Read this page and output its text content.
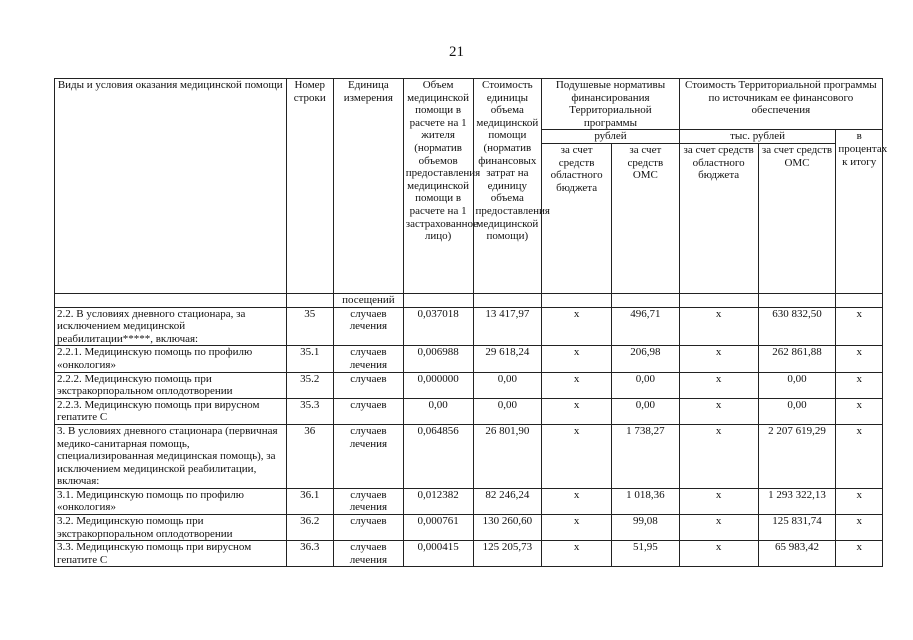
21
Виды и условия оказания медицинской помощи	Номер строки	Единица измерения	Объем медицинской помощи в расчете на 1 жителя (норматив объемов предоставления медицинской помощи в расчете на 1 застрахованное лицо)	Стоимость единицы объема медицинской помощи (норматив финансовых затрат на единицу объема предоставления медицинской помощи)	Подушевые нормативы финансирования Территориальной программы		Стоимость Территориальной программы по источникам ее финансового обеспечения		
					рублей		тыс. рублей		в процентах к итогу
					за счет средств областного бюджета	за счет средств ОМС	за счет средств областного бюджета	за счет средств ОМС	
		посещений							
2.2. В условиях дневного стационара, за исключением медицинской реабилитации*****, включая:	35	случаев лечения	0,037018	13 417,97	х	496,71	х	630 832,50	х
2.2.1. Медицинскую помощь по профилю «онкология»	35.1	случаев лечения	0,006988	29 618,24	х	206,98	х	262 861,88	х
2.2.2. Медицинскую помощь при экстракорпоральном оплодотворении	35.2	случаев	0,000000	0,00	х	0,00	х	0,00	х
2.2.3. Медицинскую помощь при вирусном гепатите С	35.3	случаев	0,00	0,00	х	0,00	х	0,00	х
3. В условиях дневного стационара (первичная медико-санитарная помощь, специализированная медицинская помощь), за исключением медицинской реабилитации, включая:	36	случаев лечения	0,064856	26 801,90	х	1 738,27	х	2 207 619,29	х
3.1. Медицинскую помощь по профилю «онкология»	36.1	случаев лечения	0,012382	82 246,24	х	1 018,36	х	1 293 322,13	х
3.2. Медицинскую помощь при экстракорпоральном оплодотворении	36.2	случаев	0,000761	130 260,60	х	99,08	х	125 831,74	х
3.3. Медицинскую помощь при вирусном гепатите С	36.3	случаев лечения	0,000415	125 205,73	х	51,95	х	65 983,42	х
